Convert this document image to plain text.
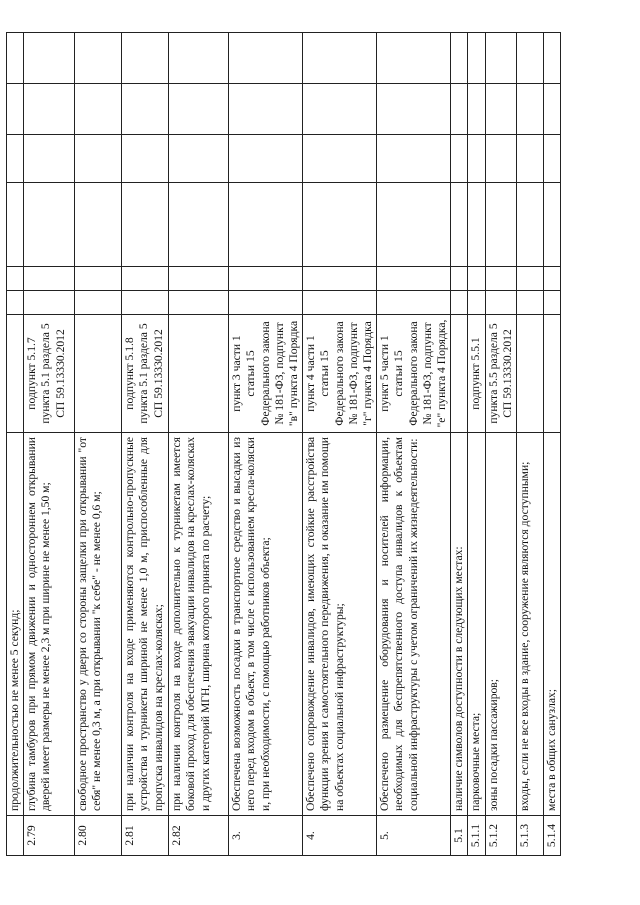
	продолжительностью не менее 5 секунд;							
2.79	глубина тамбуров при прямом движении и одностороннем открывании дверей имеет размеры не менее 2,3 м при ширине не менее 1,50 м;	подпункт 5.1.7 пункта 5.1 раздела 5 СП 59.13330.2012						
2.80	свободное пространство у двери со стороны защелки при открывании "от себя" не менее 0,3 м, а при открывании "к себе" - не менее 0,6 м;							
2.81	при наличии контроля на входе применяются контрольно-пропускные устройства и турникеты шириной не менее 1,0 м, приспособленные для пропуска инвалидов на креслах-колясках;	подпункт 5.1.8 пункта 5.1 раздела 5 СП 59.13330.2012						
2.82	при наличии контроля на входе дополнительно к турникетам имеется боковой проход для обеспечения эвакуации инвалидов на креслах-колясках и других категорий МГН, ширина которого принята по расчету;							
3.	Обеспечена возможность посадки в транспортное средство и высадки из него перед входом в объект, в том числе с использованием кресла-коляски и, при необходимости, с помощью работников объекта;	пункт 3 части 1 статьи 15 Федерального закона № 181-ФЗ, подпункт "в" пункта 4 Порядка						
4.	Обеспечено сопровождение инвалидов, имеющих стойкие расстройства функции зрения и самостоятельного передвижения, и оказание им помощи на объектах социальной инфраструктуры;	пункт 4 части 1 статьи 15 Федерального закона № 181-ФЗ, подпункт "г" пункта 4 Порядка						
5.	Обеспечено размещение оборудования и носителей информации, необходимых для беспрепятственного доступа инвалидов к объектам социальной инфраструктуры с учетом ограничений их жизнедеятельности:	пункт 5 части 1 статьи 15 Федерального закона № 181-ФЗ, подпункт "е" пункта 4 Порядка,						
5.1	наличие символов доступности в следующих местах:							
5.1.1	парковочные места;	подпункт 5.5.1						
5.1.2	зоны посадки пассажиров;	пункта 5.5 раздела 5 СП 59.13330.2012						
5.1.3	входы, если не все входы в здание, сооружение являются доступными;							
5.1.4	места в общих санузлах;							
